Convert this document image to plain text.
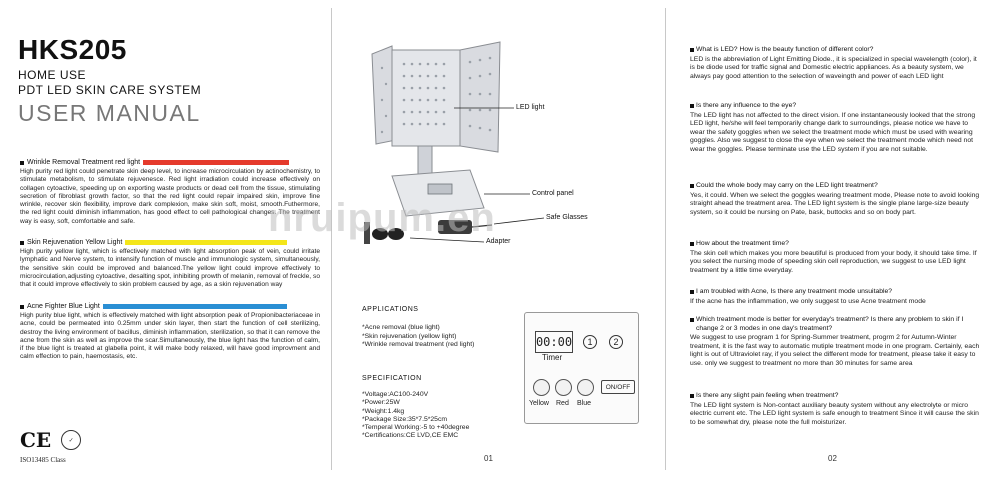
HKS205
HOME USE
PDT LED SKIN CARE SYSTEM
USER MANUAL
Wrinkle Removal Treatment red light
High purity red light could penetrate skin deep level, to increase microcirculation by actinochemistry, to stimulate metabolism, to stimulate rejuvenesce. Red light irradiation could increase effectively on collagen cytoactive, speeding up on exporting waste products or dead cell from the tissue, stimulating secretion of fibroblast growth factor, so that the red light could repair impaired skin, improve fine wrinkle, recover skin flexibility, improve dark complexion, make skin soft, moist, smooth.Futhermore, the red light could diminish inflammation, has good effect to cell pathological changes. The treatment way is easy, soft, comfortable and safe.
Skin Rejuvenation Yellow Light
High purity yellow light, which is effectively matched with light absorption peak of vein, could irritate lymphatic and Nerve system, to intensify function of muscle and immunologic system, simultaneously, the sensitive skin could be improved and balanced.The yellow light could improve effectively to microcirculation,adjusting cytoactive, desalting spot, inhibiting prowth of melanin, removal of freckle, so that it could improve effectively to skin problem caused by age, as a skin rejuvenation way
Acne Fighter Blue Light
High purity blue light, which is effectively matched with light absorption peak of Propionibacteriaceae in acne, could be permeated into 0.25mm under skin layer, then start the function of cell sterilizing, destroy the living environment of bacillus, diminish inflammation, sterilization, so that it can remove the acne from the skin as well as improve the scar.Simultaneously, the blue light has the function of calm, if the blue light is treated at glabella point, it will make body relaxed, will have good improvment and calm effection to pain, haemostasis, etc.
CE	✓
ISO13485 Class
LED light
Control panel
Safe Glasses
Adapter
APPLICATIONS
*Acne removal (blue light)
*Skin rejuvenation (yellow light)
*Wrinkle removal treatment (red light)
SPECIFICATION
*Voltage:AC100-240V
*Power:25W
*Weight:1.4kg
*Package Size:35*7.5*25cm
*Temperal Working:-5 to +40degree
*Certifications:CE LVD,CE EMC
00:00
Timer
1	2
Yellow Red Blue
ON/OFF
01
What is LED? How is the beauty function of different color?
LED is the abbreviation of Light Emitting Diode., it is specialized in special wavelength (color), it is be diode used for traffic signal and Domestic electric appliances. As a beauty system, we always pay good attention to the selection of waveingth and power of each LED light
Is there any influence to the eye?
The LED light has not affected to the direct vision. If one instantaneously looked that the strong LED light, he/she will feel temporarily change dark to surroundings, please notice we have to wear the safety goggles when we select the treatment mode which must be used with wearing goggles. Also we suggest to close the eye when we select the treatment mode which need not wear the goggles. Please terminate use the LED system if you are not suitable.
Could the whole body may carry on the LED light treatment?
Yes, it could. When we select the goggles wearing treatment mode, Please note to avoid looking straight ahead the treatment area. The LED light system is the single plane large-size beauty system, so it could be nursing on Pate, bask, buttocks and so on body part.
How about the treatment time?
The skin cell which makes you more beautiful is produced from your body, it should take time. If you select the nursing mode of speeding skin cell reproduction, we suggest to use LED light treatment by a little time everyday.
I am troubled with Acne, Is there any treatment mode unsuitable?
If the acne has the inflammation, we only suggest to use Acne treatment mode
Which treatment mode is better for everyday's treatment? Is there any problem to skin if I change 2 or 3 modes in one day's treatment?
We suggest to use program 1 for Spring-Summer treatment, progrm 2 for Autumn-Winter treatment, it is the fast way to automatic mutiple treatment mode in one program. Certainly, each light is out of Ultraviolet ray, if you select the different mode for treatment, please take it easy to use. only we suggest to treatment no more than 30 minutes for same area
Is there any slight pain feeling when treatment?
The LED light system is Non-contact auxiliary beauty system without any electrolyte or micro electric current etc. The LED light system is safe enough to treatment Since it will cause the skin to be somewhat dry, please note the full moisturizer.
02
nruipum.en
